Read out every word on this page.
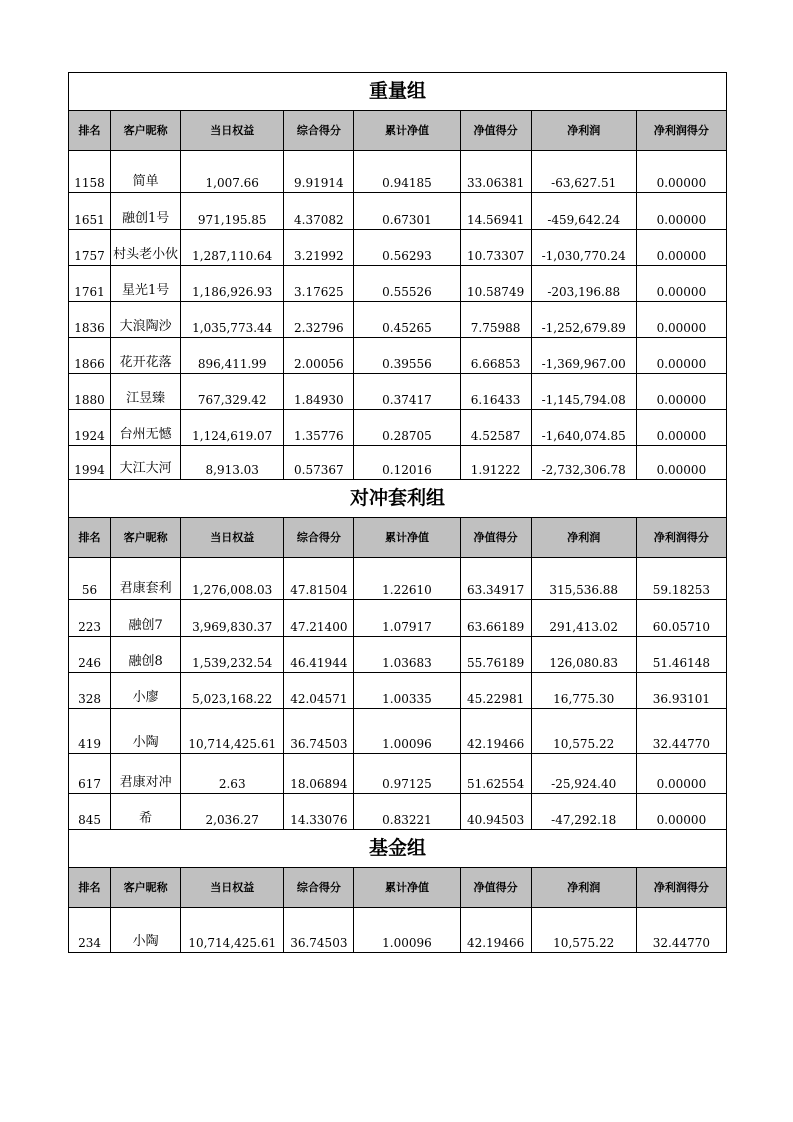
重量组							
排名	客户昵称	当日权益	综合得分	累计净值	净值得分	净利润	净利润得分
1158	简单	1,007.66	9.91914	0.94185	33.06381	-63,627.51	0.00000
1651	融创1号	971,195.85	4.37082	0.67301	14.56941	-459,642.24	0.00000
1757	村头老小伙	1,287,110.64	3.21992	0.56293	10.73307	-1,030,770.24	0.00000
1761	星光1号	1,186,926.93	3.17625	0.55526	10.58749	-203,196.88	0.00000
1836	大浪陶沙	1,035,773.44	2.32796	0.45265	7.75988	-1,252,679.89	0.00000
1866	花开花落	896,411.99	2.00056	0.39556	6.66853	-1,369,967.00	0.00000
1880	江昱臻	767,329.42	1.84930	0.37417	6.16433	-1,145,794.08	0.00000
1924	台州无憾	1,124,619.07	1.35776	0.28705	4.52587	-1,640,074.85	0.00000
1994	大江大河	8,913.03	0.57367	0.12016	1.91222	-2,732,306.78	0.00000
对冲套利组							
排名	客户昵称	当日权益	综合得分	累计净值	净值得分	净利润	净利润得分
56	君康套利	1,276,008.03	47.81504	1.22610	63.34917	315,536.88	59.18253
223	融创7	3,969,830.37	47.21400	1.07917	63.66189	291,413.02	60.05710
246	融创8	1,539,232.54	46.41944	1.03683	55.76189	126,080.83	51.46148
328	小廖	5,023,168.22	42.04571	1.00335	45.22981	16,775.30	36.93101
419	小陶	10,714,425.61	36.74503	1.00096	42.19466	10,575.22	32.44770
617	君康对冲	2.63	18.06894	0.97125	51.62554	-25,924.40	0.00000
845	希	2,036.27	14.33076	0.83221	40.94503	-47,292.18	0.00000
基金组							
排名	客户昵称	当日权益	综合得分	累计净值	净值得分	净利润	净利润得分
234	小陶	10,714,425.61	36.74503	1.00096	42.19466	10,575.22	32.44770
